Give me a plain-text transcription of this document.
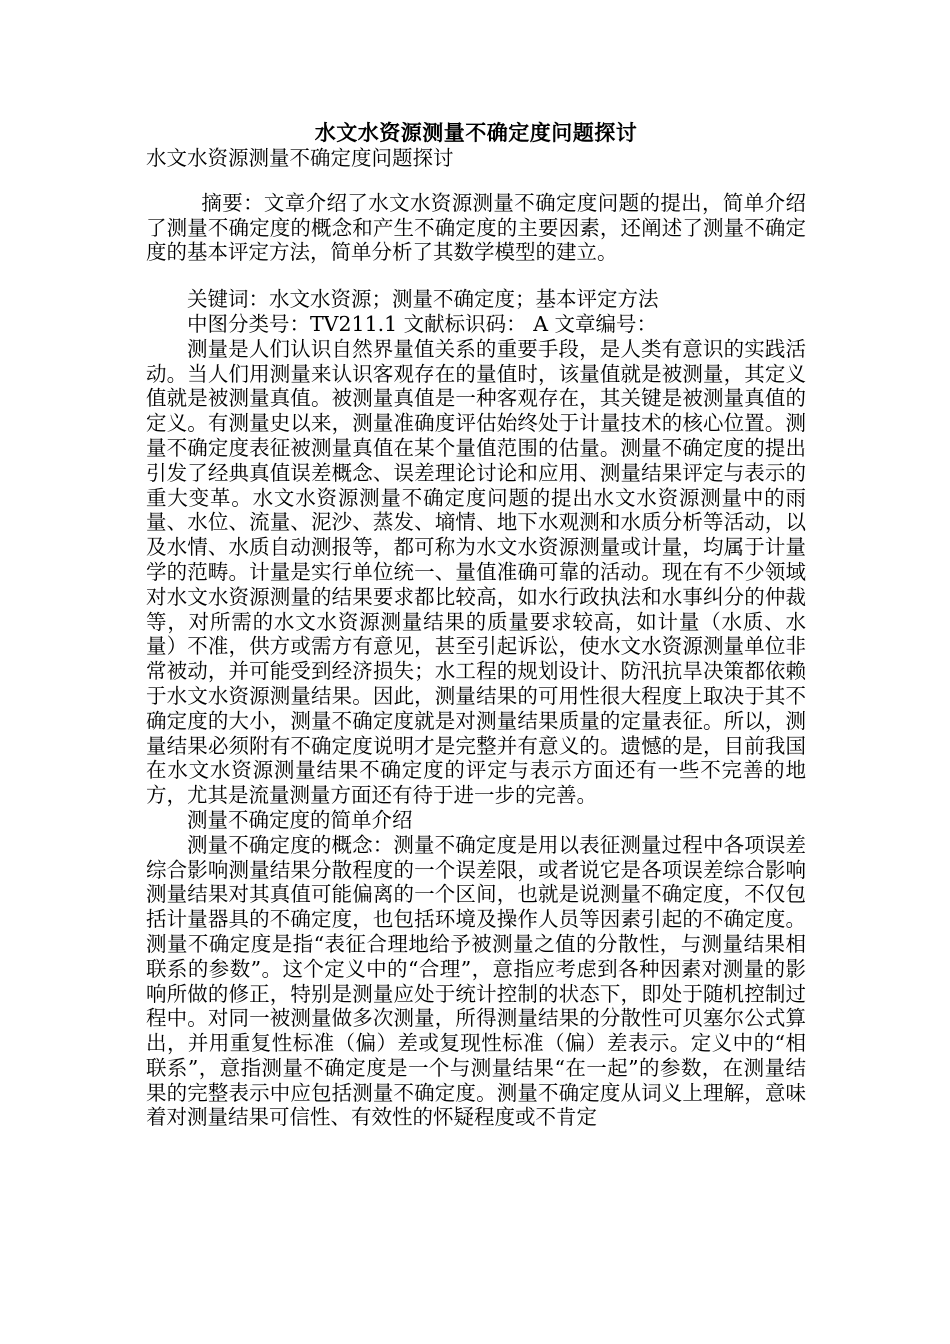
水文水资源测量不确定度问题探讨

水文水资源测量不确定度问题探讨

摘要：文章介绍了水文水资源测量不确定度问题的提出，简单介绍了测量不确定度的概念和产生不确定度的主要因素，还阐述了测量不确定度的基本评定方法，简单分析了其数学模型的建立。

关键词：水文水资源；测量不确定度；基本评定方法

中图分类号：TV211.1 文献标识码： A 文章编号：

测量是人们认识自然界量值关系的重要手段，是人类有意识的实践活动。当人们用测量来认识客观存在的量值时，该量值就是被测量，其定义值就是被测量真值。被测量真值是一种客观存在，其关键是被测量真值的定义。有测量史以来，测量准确度评估始终处于计量技术的核心位置。测量不确定度表征被测量真值在某个量值范围的估量。测量不确定度的提出引发了经典真值误差概念、误差理论讨论和应用、测量结果评定与表示的重大变革。水文水资源测量不确定度问题的提出水文水资源测量中的雨量、水位、流量、泥沙、蒸发、墒情、地下水观测和水质分析等活动，以及水情、水质自动测报等，都可称为水文水资源测量或计量，均属于计量学的范畴。计量是实行单位统一、量值准确可靠的活动。现在有不少领域对水文水资源测量的结果要求都比较高，如水行政执法和水事纠分的仲裁等，对所需的水文水资源测量结果的质量要求较高，如计量（水质、水量）不准，供方或需方有意见，甚至引起诉讼，使水文水资源测量单位非常被动，并可能受到经济损失；水工程的规划设计、防汛抗旱决策都依赖于水文水资源测量结果。因此，测量结果的可用性很大程度上取决于其不确定度的大小，测量不确定度就是对测量结果质量的定量表征。所以，测量结果必须附有不确定度说明才是完整并有意义的。遗憾的是，目前我国在水文水资源测量结果不确定度的评定与表示方面还有一些不完善的地方，尤其是流量测量方面还有待于进一步的完善。

测量不确定度的简单介绍

测量不确定度的概念：测量不确定度是用以表征测量过程中各项误差综合影响测量结果分散程度的一个误差限，或者说它是各项误差综合影响测量结果对其真值可能偏离的一个区间，也就是说测量不确定度，不仅包括计量器具的不确定度，也包括环境及操作人员等因素引起的不确定度。测量不确定度是指“表征合理地给予被测量之值的分散性，与测量结果相联系的参数”。这个定义中的“合理”，意指应考虑到各种因素对测量的影响所做的修正，特别是测量应处于统计控制的状态下，即处于随机控制过程中。对同一被测量做多次测量，所得测量结果的分散性可贝塞尔公式算出，并用重复性标准（偏）差或复现性标准（偏）差表示。定义中的“相联系”，意指测量不确定度是一个与测量结果“在一起”的参数，在测量结果的完整表示中应包括测量不确定度。测量不确定度从词义上理解，意味着对测量结果可信性、有效性的怀疑程度或不肯定
